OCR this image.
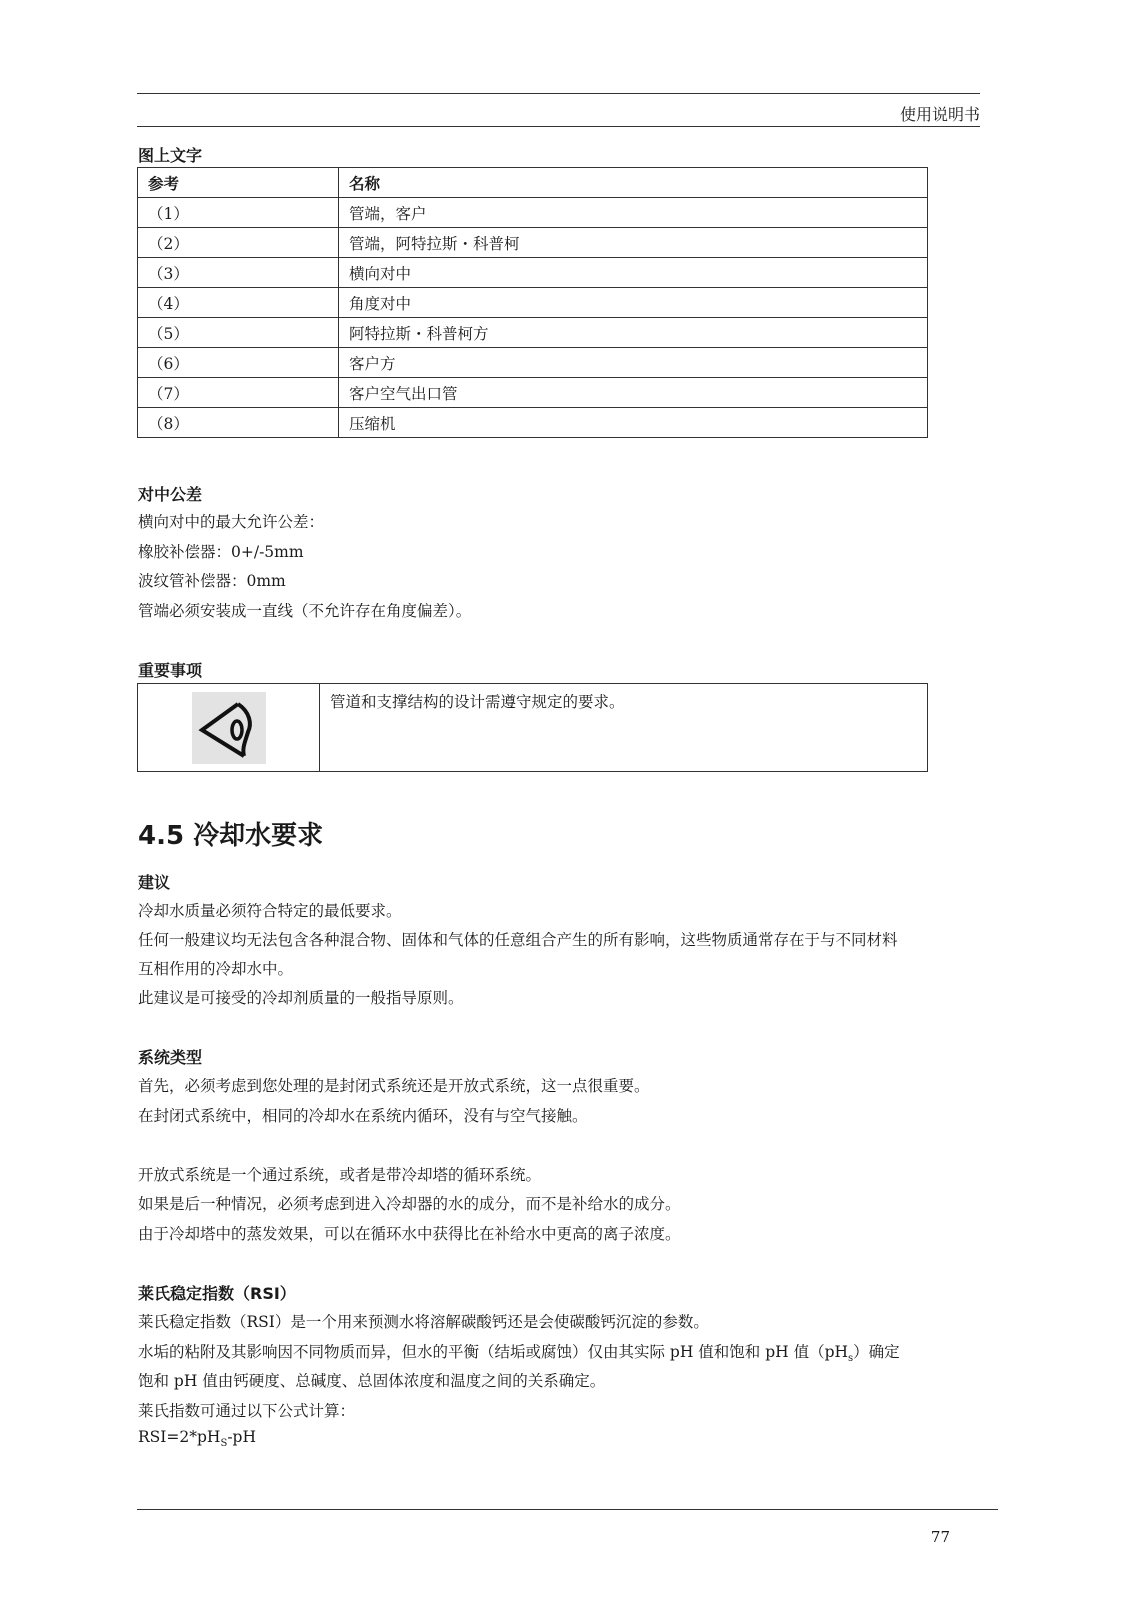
使用说明书
图上文字
参考	名称
（1）	管端，客户
（2）	管端，阿特拉斯・科普柯
（3）	横向对中
（4）	角度对中
（5）	阿特拉斯・科普柯方
（6）	客户方
（7）	客户空气出口管
（8）	压缩机
对中公差
横向对中的最大允许公差：
橡胶补偿器：0+/-5mm
波纹管补偿器：0mm
管端必须安装成一直线（不允许存在角度偏差）。
重要事项
管道和支撑结构的设计需遵守规定的要求。
4.5 冷却水要求
建议
冷却水质量必须符合特定的最低要求。
任何一般建议均无法包含各种混合物、固体和气体的任意组合产生的所有影响，这些物质通常存在于与不同材料
互相作用的冷却水中。
此建议是可接受的冷却剂质量的一般指导原则。
系统类型
首先，必须考虑到您处理的是封闭式系统还是开放式系统，这一点很重要。
在封闭式系统中，相同的冷却水在系统内循环，没有与空气接触。
开放式系统是一个通过系统，或者是带冷却塔的循环系统。
如果是后一种情况，必须考虑到进入冷却器的水的成分，而不是补给水的成分。
由于冷却塔中的蒸发效果，可以在循环水中获得比在补给水中更高的离子浓度。
莱氏稳定指数（RSI）
莱氏稳定指数（RSI）是一个用来预测水将溶解碳酸钙还是会使碳酸钙沉淀的参数。
水垢的粘附及其影响因不同物质而异，但水的平衡（结垢或腐蚀）仅由其实际 pH 值和饱和 pH 值$(pH_s)$确定
饱和 pH 值由钙硬度、总碱度、总固体浓度和温度之间的关系确定。
莱氏指数可通过以下公式计算：
$RSI=2*pH_S-pH$
77
